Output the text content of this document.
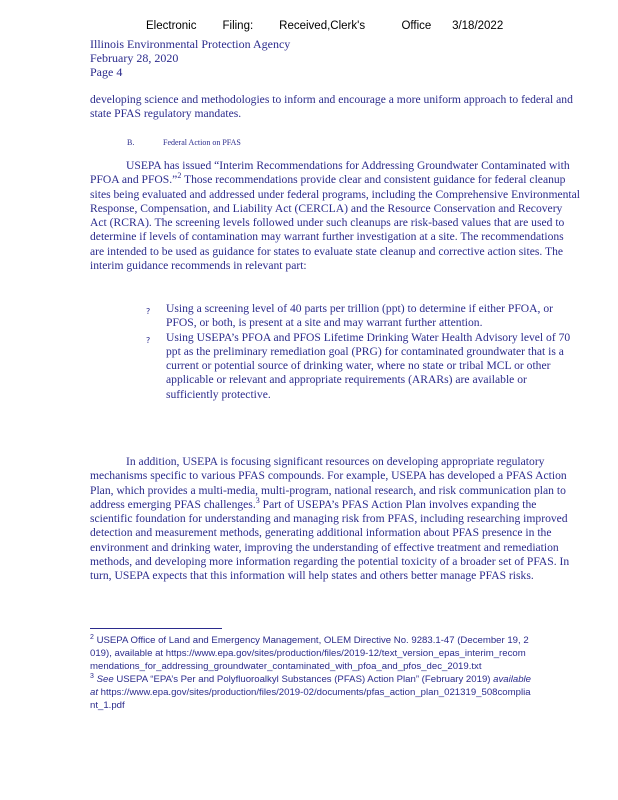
Electronic Filing: Received,Clerk's	Office 3/18/2022
Illinois Environmental Protection Agency
February 28, 2020
Page 4

developing science and methodologies to inform and encourage a more uniform approach to federal and state PFAS regulatory mandates.

B.	Federal Action on PFAS

USEPA has issued “Interim Recommendations for Addressing Groundwater Contaminated with PFOA and PFOS.”$^2$ Those recommendations provide clear and consistent guidance for federal cleanup sites being evaluated and addressed under federal programs, including the Comprehensive Environmental Response, Compensation, and Liability Act (CERCLA) and the Resource Conservation and Recovery Act (RCRA). The screening levels followed under such cleanups are risk-based values that are used to determine if levels of contamination may warrant further investigation at a site. The recommendations are intended to be used as guidance for states to evaluate state cleanup and corrective action sites. The interim guidance recommends in relevant part:

?	Using a screening level of 40 parts per trillion (ppt) to determine if either PFOA, or PFOS, or both, is present at a site and may warrant further attention.
?	Using USEPA’s PFOA and PFOS Lifetime Drinking Water Health Advisory level of 70 ppt as the preliminary remediation goal (PRG) for contaminated groundwater that is a current or potential source of drinking water, where no state or tribal MCL or other applicable or relevant and appropriate requirements (ARARs) are available or sufficiently protective.

In addition, USEPA is focusing significant resources on developing appropriate regulatory mechanisms specific to various PFAS compounds. For example, USEPA has developed a PFAS Action Plan, which provides a multi-media, multi-program, national research, and risk communication plan to address emerging PFAS challenges.$^3$ Part of USEPA’s PFAS Action Plan involves expanding the scientific foundation for understanding and managing risk from PFAS, including researching improved detection and measurement methods, generating additional information about PFAS presence in the environment and drinking water, improving the understanding of effective treatment and remediation methods, and developing more information regarding the potential toxicity of a broader set of PFAS. In turn, USEPA expects that this information will help states and others better manage PFAS risks.

$^2$ USEPA Office of Land and Emergency Management, OLEM Directive No. 9283.1-47 (December 19, 2019), available at https://www.epa.gov/sites/production/files/2019-12/text_version_epas_interim_recommendations_for_addressing_groundwater_contaminated_with_pfoa_and_pfos_dec_2019.txt

$^3$ See USEPA “EPA’s Per and Polyfluoroalkyl Substances (PFAS) Action Plan” (February 2019) available at https://www.epa.gov/sites/production/files/2019-02/documents/pfas_action_plan_021319_508compliant_1.pdf
